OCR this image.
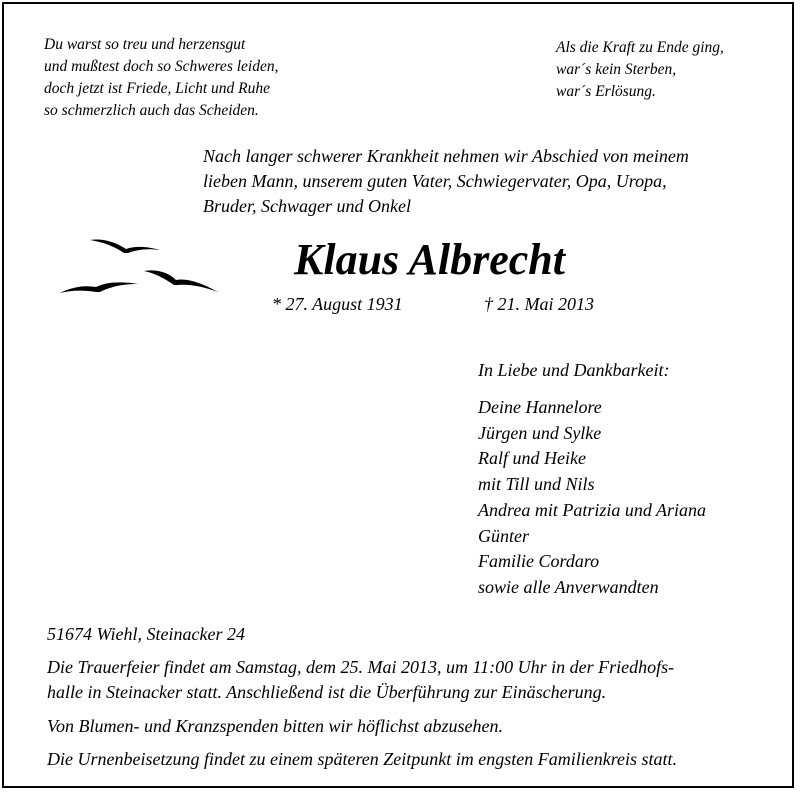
Du warst so treu und herzensgut
und mußtest doch so Schweres leiden,
doch jetzt ist Friede, Licht und Ruhe
so schmerzlich auch das Scheiden.

Als die Kraft zu Ende ging,
war´s kein Sterben,
war´s Erlösung.

Nach langer schwerer Krankheit nehmen wir Abschied von meinem
lieben Mann, unserem guten Vater, Schwiegervater, Opa, Uropa,
Bruder, Schwager und Onkel

Klaus Albrecht

* 27. August 1931	† 21. Mai 2013

In Liebe und Dankbarkeit:

Deine Hannelore
Jürgen und Sylke
Ralf und Heike
mit Till und Nils
Andrea mit Patrizia und Ariana
Günter
Familie Cordaro
sowie alle Anverwandten

51674 Wiehl, Steinacker 24

Die Trauerfeier findet am Samstag, dem 25. Mai 2013, um 11:00 Uhr in der Friedhofs-
halle in Steinacker statt. Anschließend ist die Überführung zur Einäscherung.

Von Blumen- und Kranzspenden bitten wir höflichst abzusehen.

Die Urnenbeisetzung findet zu einem späteren Zeitpunkt im engsten Familienkreis statt.
